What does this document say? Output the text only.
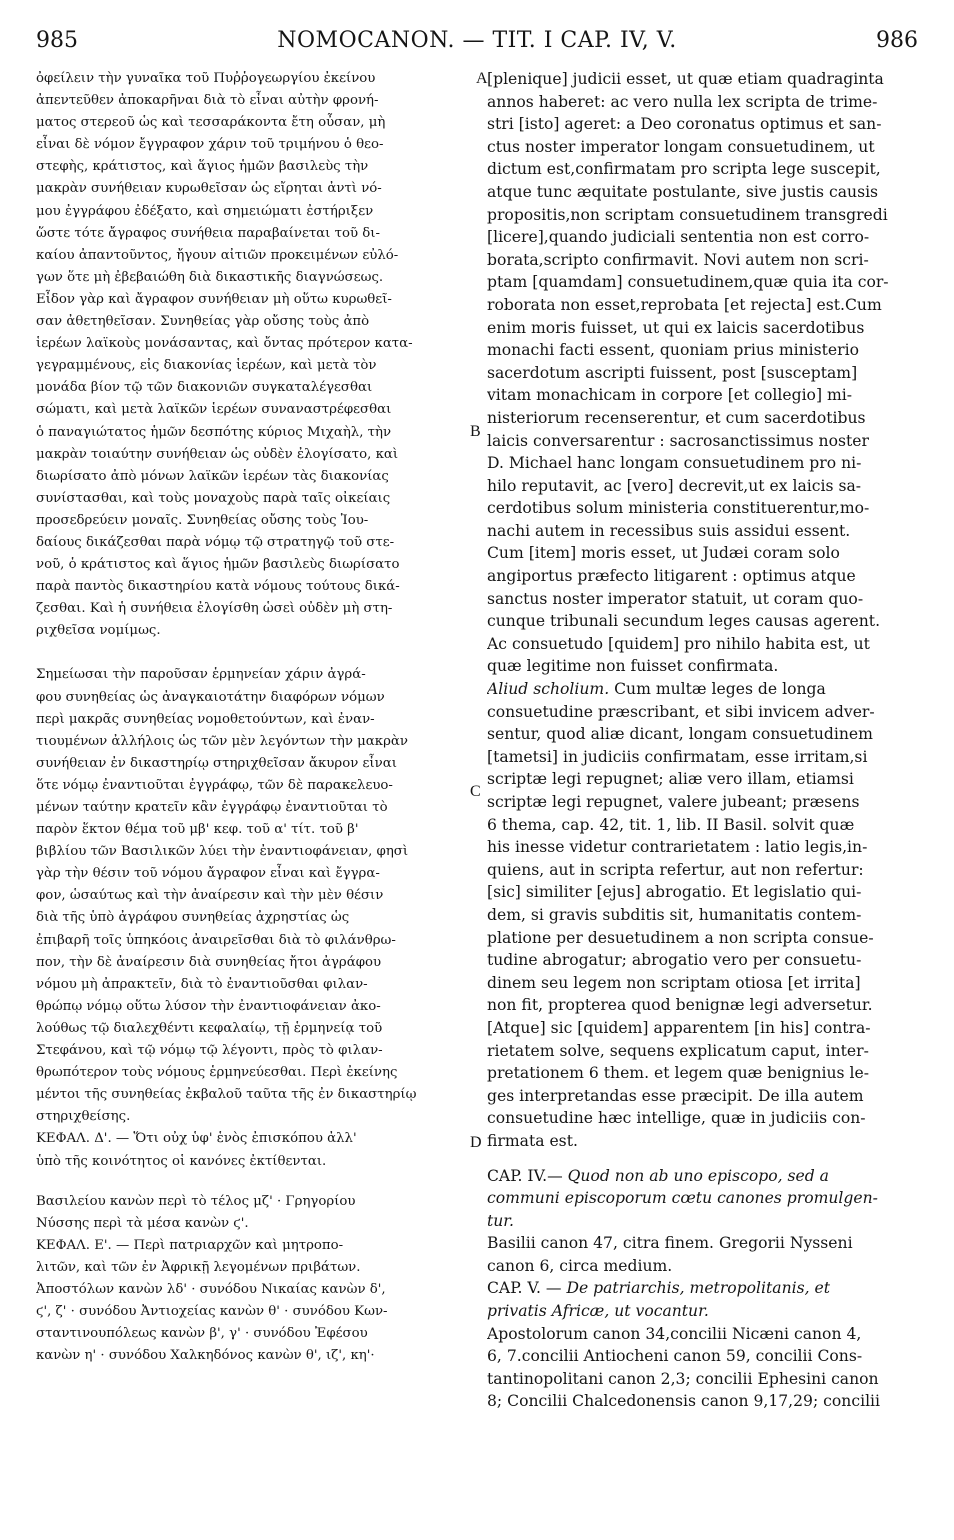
985	NOMOCANON. — TIT. I CAP. IV, V.	986
A
B
C
D
ὀφείλειν τὴν γυναῖκα τοῦ Πυῤῥογεωργίου ἐκείνου
ἀπεντεῦθεν ἀποκαρῆναι διὰ τὸ εἶναι αὐτὴν φρονή-
ματος στερεοῦ ὡς καὶ τεσσαράκοντα ἔτη οὖσαν, μὴ
εἶναι δὲ νόμον ἔγγραφον χάριν τοῦ τριμήνου ὁ θεο-
στεφὴς, κράτιστος, καὶ ἅγιος ἡμῶν βασιλεὺς τὴν
μακρὰν συνήθειαν κυρωθεῖσαν ὡς εἴρηται ἀντὶ νό-
μου ἐγγράφου ἐδέξατο, καὶ σημειώματι ἐστήριξεν
ὥστε τότε ἄγραφος συνήθεια παραβαίνεται τοῦ δι-
καίου ἀπαντοῦντος, ἤγουν αἰτιῶν προκειμένων εὐλό-
γων ὅτε μὴ ἐβεβαιώθη διὰ δικαστικῆς διαγνώσεως.
Εἶδον γὰρ καὶ ἄγραφον συνήθειαν μὴ οὕτω κυρωθεῖ-
σαν ἀθετηθεῖσαν. Συνηθείας γὰρ οὔσης τοὺς ἀπὸ
ἱερέων λαϊκοὺς μονάσαντας, καὶ ὄντας πρότερον κατα-
γεγραμμένους, εἰς διακονίας ἱερέων, καὶ μετὰ τὸν
μονάδα βίον τῷ τῶν διακονιῶν συγκαταλέγεσθαι
σώματι, καὶ μετὰ λαϊκῶν ἱερέων συναναστρέφεσθαι
ὁ παναγιώτατος ἡμῶν δεσπότης κύριος Μιχαὴλ, τὴν
μακρὰν τοιαύτην συνήθειαν ὡς οὐδὲν ἐλογίσατο, καὶ
διωρίσατο ἀπὸ μόνων λαϊκῶν ἱερέων τὰς διακονίας
συνίστασθαι, καὶ τοὺς μοναχοὺς παρὰ ταῖς οἰκείαις
προσεδρεύειν μοναῖς. Συνηθείας οὔσης τοὺς Ἰου-
δαίους δικάζεσθαι παρὰ νόμῳ τῷ στρατηγῷ τοῦ στε-
νοῦ, ὁ κράτιστος καὶ ἅγιος ἡμῶν βασιλεὺς διωρίσατο
παρὰ παντὸς δικαστηρίου κατὰ νόμους τούτους δικά-
ζεσθαι. Καὶ ἡ συνήθεια ἐλογίσθη ὡσεὶ οὐδὲν μὴ στη-
ριχθεῖσα νομίμως.
Σημείωσαι τὴν παροῦσαν ἑρμηνείαν χάριν ἀγρά-
φου συνηθείας ὡς ἀναγκαιοτάτην διαφόρων νόμων
περὶ μακρᾶς συνηθείας νομοθετούντων, καὶ ἐναν-
τιουμένων ἀλλήλοις ὡς τῶν μὲν λεγόντων τὴν μακρὰν
συνήθειαν ἐν δικαστηρίῳ στηριχθεῖσαν ἄκυρον εἶναι
ὅτε νόμῳ ἐναντιοῦται ἐγγράφῳ, τῶν δὲ παρακελευο-
μένων ταύτην κρατεῖν κἂν ἐγγράφῳ ἐναντιοῦται τὸ
παρὸν ἕκτον θέμα τοῦ μβ' κεφ. τοῦ α' τίτ. τοῦ β'
βιβλίου τῶν Βασιλικῶν λύει τὴν ἐναντιοφάνειαν, φησὶ
γὰρ τὴν θέσιν τοῦ νόμου ἄγραφον εἶναι καὶ ἔγγρα-
φον, ὡσαύτως καὶ τὴν ἀναίρεσιν καὶ τὴν μὲν θέσιν
διὰ τῆς ὑπὸ ἀγράφου συνηθείας ἀχρηστίας ὡς
ἐπιβαρῆ τοῖς ὑπηκόοις ἀναιρεῖσθαι διὰ τὸ φιλάνθρω-
πον, τὴν δὲ ἀναίρεσιν διὰ συνηθείας ἤτοι ἀγράφου
νόμου μὴ ἀπρακτεῖν, διὰ τὸ ἐναντιοῦσθαι φιλαν-
θρώπῳ νόμῳ οὕτω λύσον τὴν ἐναντιοφάνειαν ἀκο-
λούθως τῷ διαλεχθέντι κεφαλαίῳ, τῇ ἑρμηνείᾳ τοῦ
Στεφάνου, καὶ τῷ νόμῳ τῷ λέγοντι, πρὸς τὸ φιλαν-
θρωπότερον τοὺς νόμους ἑρμηνεύεσθαι. Περὶ ἐκείνης
μέντοι τῆς συνηθείας ἐκβαλοῦ ταῦτα τῆς ἐν δικαστηρίῳ
στηριχθείσης.
ΚΕΦΑΛ. Δ'. — Ὅτι οὐχ ὑφ' ἑνὸς ἐπισκόπου ἀλλ'
ὑπὸ τῆς κοινότητος οἱ κανόνες ἐκτίθενται.
Βασιλείου κανὼν περὶ τὸ τέλος μζ' · Γρηγορίου
Νύσσης περὶ τὰ μέσα κανὼν ϛ'.
ΚΕΦΑΛ. Ε'. — Περὶ πατριαρχῶν καὶ μητροπο-
λιτῶν, καὶ τῶν ἐν Ἀφρικῇ λεγομένων πριβάτων.
Ἀποστόλων κανὼν λδ' · συνόδου Νικαίας κανὼν δ',
ϛ', ζ' · συνόδου Ἀντιοχείας κανὼν θ' · συνόδου Κων-
σταντινουπόλεως κανὼν β', γ' · συνόδου Ἐφέσου
κανὼν η' · συνόδου Χαλκηδόνος κανὼν θ', ιζ', κη'·
[plenique] judicii esset, ut quæ etiam quadraginta
annos haberet: ac vero nulla lex scripta de trime-
stri [isto] ageret: a Deo coronatus optimus et san-
ctus noster imperator longam consuetudinem, ut
dictum est,confirmatam pro scripta lege suscepit,
atque tunc æquitate postulante, sive justis causis
propositis,non scriptam consuetudinem transgredi
[licere],quando judiciali sententia non est corro-
borata,scripto confirmavit. Novi autem non scri-
ptam [quamdam] consuetudinem,quæ quia ita cor-
roborata non esset,reprobata [et rejecta] est.Cum
enim moris fuisset, ut qui ex laicis sacerdotibus
monachi facti essent, quoniam prius ministerio
sacerdotum ascripti fuissent, post [susceptam]
vitam monachicam in corpore [et collegio] mi-
nisteriorum recenserentur, et cum sacerdotibus
laicis conversarentur : sacrosanctissimus noster
D. Michael hanc longam consuetudinem pro ni-
hilo reputavit, ac [vero] decrevit,ut ex laicis sa-
cerdotibus solum ministeria constituerentur,mo-
nachi autem in recessibus suis assidui essent.
Cum [item] moris esset, ut Judæi coram solo
angiportus præfecto litigarent : optimus atque
sanctus noster imperator statuit, ut coram quo-
cunque tribunali secundum leges causas agerent.
Ac consuetudo [quidem] pro nihilo habita est, ut
quæ legitime non fuisset confirmata.
Aliud scholium. Cum multæ leges de longa
consuetudine præscribant, et sibi invicem adver-
sentur, quod aliæ dicant, longam consuetudinem
[tametsi] in judiciis confirmatam, esse irritam,si
scriptæ legi repugnet; aliæ vero illam, etiamsi
scriptæ legi repugnet, valere jubeant; præsens
6 thema, cap. 42, tit. 1, lib. II Basil. solvit quæ
his inesse videtur contrarietatem : latio legis,in-
quiens, aut in scripta refertur, aut non refertur:
[sic] similiter [ejus] abrogatio. Et legislatio qui-
dem, si gravis subditis sit, humanitatis contem-
platione per desuetudinem a non scripta consue-
tudine abrogatur; abrogatio vero per consuetu-
dinem seu legem non scriptam otiosa [et irrita]
non fit, propterea quod benignæ legi adversetur.
[Atque] sic [quidem] apparentem [in his] contra-
rietatem solve, sequens explicatum caput, inter-
pretationem 6 them. et legem quæ benignius le-
ges interpretandas esse præcipit. De illa autem
consuetudine hæc intellige, quæ in judiciis con-
firmata est.
CAP. IV.— Quod non ab uno episcopo, sed a
communi episcoporum cœtu canones promulgen-
tur.
Basilii canon 47, citra finem. Gregorii Nysseni
canon 6, circa medium.
CAP. V. — De patriarchis, metropolitanis, et
privatis Africæ, ut vocantur.
Apostolorum canon 34,concilii Nicæni canon 4,
6, 7.concilii Antiocheni canon 59, concilii Cons-
tantinopolitani canon 2,3; concilii Ephesini canon
8; Concilii Chalcedonensis canon 9,17,29; concilii
